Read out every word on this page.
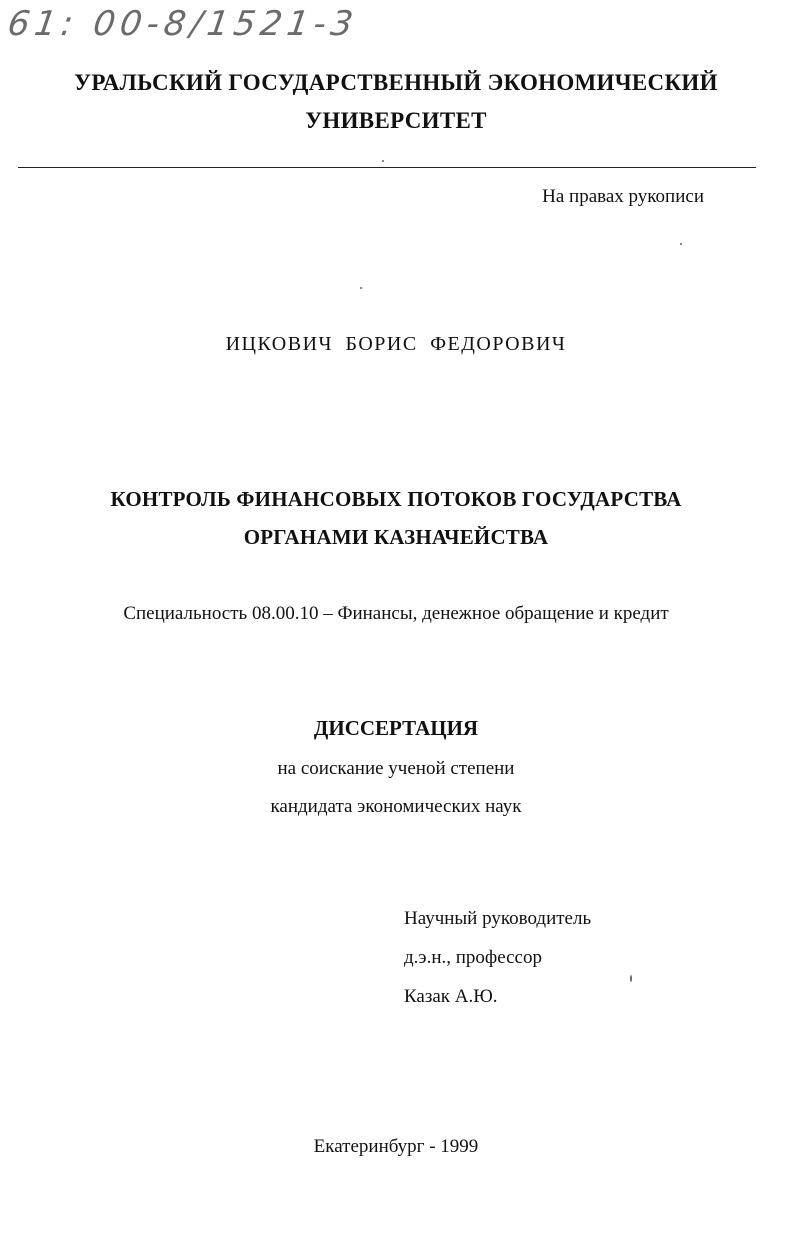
61: 00-8/1521-3
УРАЛЬСКИЙ ГОСУДАРСТВЕННЫЙ ЭКОНОМИЧЕСКИЙ
УНИВЕРСИТЕТ
На правах рукописи
ИЦКОВИЧ БОРИС ФЕДОРОВИЧ
КОНТРОЛЬ ФИНАНСОВЫХ ПОТОКОВ ГОСУДАРСТВА
ОРГАНАМИ КАЗНАЧЕЙСТВА
Специальность 08.00.10 – Финансы, денежное обращение и кредит
ДИССЕРТАЦИЯ
на соискание ученой степени
кандидата экономических наук
Научный руководитель
д.э.н., профессор
Казак А.Ю.
Екатеринбург - 1999
